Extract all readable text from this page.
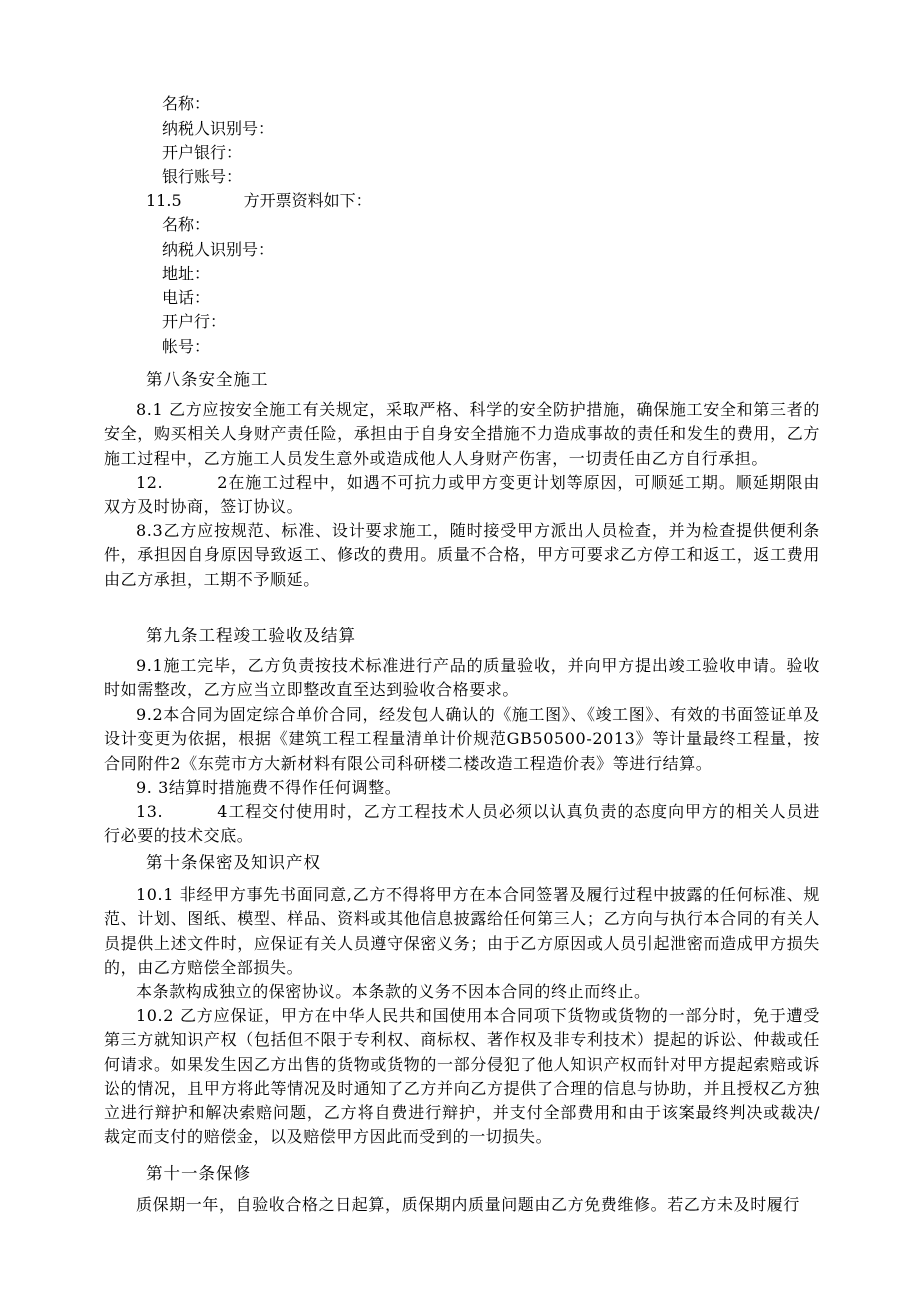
名称：
纳税人识别号：
开户银行：
银行账号：
11.5	方开票资料如下：
名称：
纳税人识别号：
地址：
电话：
开户行：
帐号：
第八条安全施工
8.1 乙方应按安全施工有关规定，采取严格、科学的安全防护措施，确保施工安全和第三者的安全，购买相关人身财产责任险，承担由于自身安全措施不力造成事故的责任和发生的费用，乙方施工过程中，乙方施工人员发生意外或造成他人人身财产伤害，一切责任由乙方自行承担。
12.	2在施工过程中，如遇不可抗力或甲方变更计划等原因，可顺延工期。顺延期限由双方及时协商，签订协议。
8.3乙方应按规范、标准、设计要求施工，随时接受甲方派出人员检查，并为检查提供便利条件，承担因自身原因导致返工、修改的费用。质量不合格，甲方可要求乙方停工和返工，返工费用由乙方承担，工期不予顺延。
第九条工程竣工验收及结算
9.1施工完毕，乙方负责按技术标准进行产品的质量验收，并向甲方提出竣工验收申请。验收时如需整改，乙方应当立即整改直至达到验收合格要求。
9.2本合同为固定综合单价合同，经发包人确认的《施工图》、《竣工图》、有效的书面签证单及设计变更为依据，根据《建筑工程工程量清单计价规范GB50500-2013》等计量最终工程量，按合同附件2《东莞市方大新材料有限公司科研楼二楼改造工程造价表》等进行结算。
9. 3结算时措施费不得作任何调整。
13.	4工程交付使用时，乙方工程技术人员必须以认真负责的态度向甲方的相关人员进行必要的技术交底。
第十条保密及知识产权
10.1 非经甲方事先书面同意,乙方不得将甲方在本合同签署及履行过程中披露的任何标准、规范、计划、图纸、模型、样品、资料或其他信息披露给任何第三人；乙方向与执行本合同的有关人员提供上述文件时，应保证有关人员遵守保密义务；由于乙方原因或人员引起泄密而造成甲方损失的，由乙方赔偿全部损失。
本条款构成独立的保密协议。本条款的义务不因本合同的终止而终止。
10.2 乙方应保证，甲方在中华人民共和国使用本合同项下货物或货物的一部分时，免于遭受第三方就知识产权（包括但不限于专利权、商标权、著作权及非专利技术）提起的诉讼、仲裁或任何请求。如果发生因乙方出售的货物或货物的一部分侵犯了他人知识产权而针对甲方提起索赔或诉讼的情况，且甲方将此等情况及时通知了乙方并向乙方提供了合理的信息与协助，并且授权乙方独立进行辩护和解决索赔问题，乙方将自费进行辩护，并支付全部费用和由于该案最终判决或裁决/裁定而支付的赔偿金，以及赔偿甲方因此而受到的一切损失。
第十一条保修
质保期一年，自验收合格之日起算，质保期内质量问题由乙方免费维修。若乙方未及时履行
